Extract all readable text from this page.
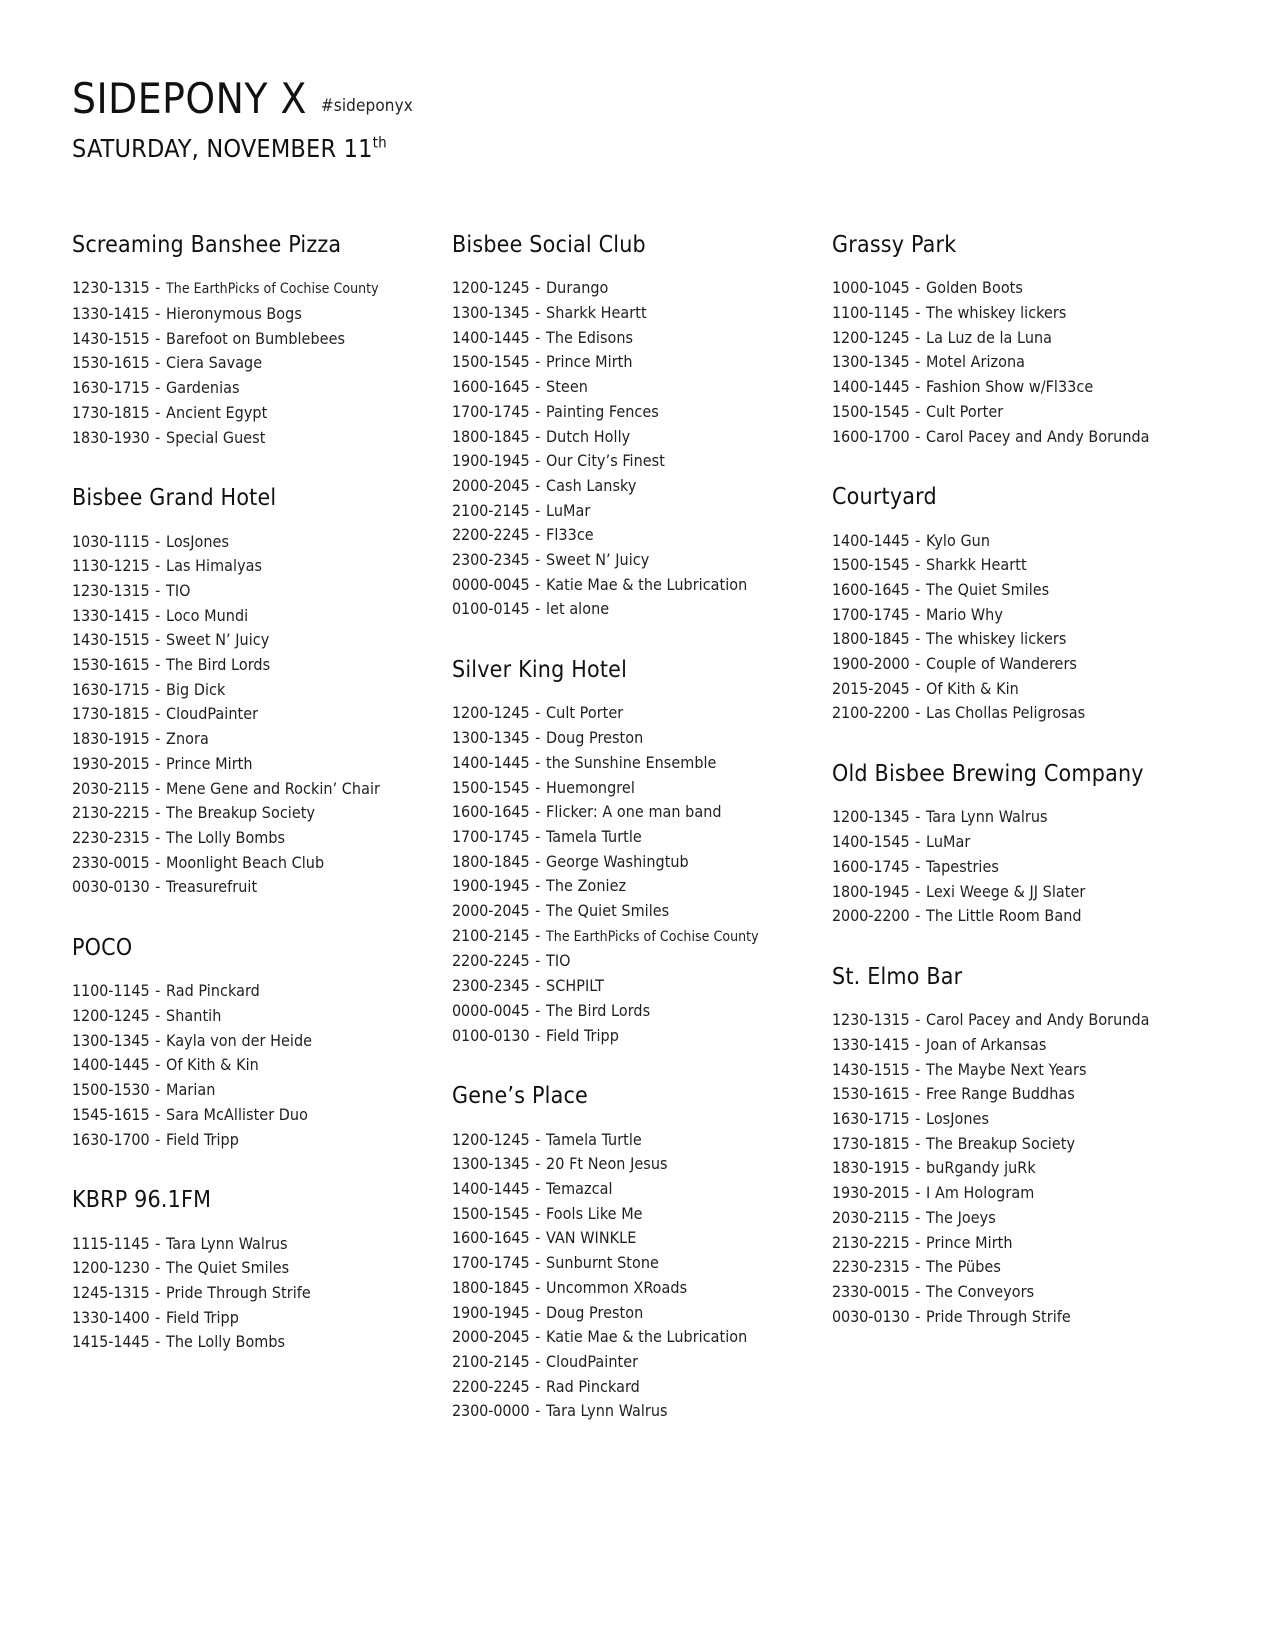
SIDEPONY X #sideponyx
SATURDAY, NOVEMBER 11th
Screaming Banshee Pizza
1230-1315 - The EarthPicks of Cochise County
1330-1415 - Hieronymous Bogs
1430-1515 - Barefoot on Bumblebees
1530-1615 - Ciera Savage
1630-1715 - Gardenias
1730-1815 - Ancient Egypt
1830-1930 - Special Guest
Bisbee Grand Hotel
1030-1115 - LosJones
1130-1215 - Las Himalyas
1230-1315 - TIO
1330-1415 - Loco Mundi
1430-1515 - Sweet N’ Juicy
1530-1615 - The Bird Lords
1630-1715 - Big Dick
1730-1815 - CloudPainter
1830-1915 - Znora
1930-2015 - Prince Mirth
2030-2115 - Mene Gene and Rockin’ Chair
2130-2215 - The Breakup Society
2230-2315 - The Lolly Bombs
2330-0015 - Moonlight Beach Club
0030-0130 - Treasurefruit
POCO
1100-1145 - Rad Pinckard
1200-1245 - Shantih
1300-1345 - Kayla von der Heide
1400-1445 - Of Kith & Kin
1500-1530 - Marian
1545-1615 - Sara McAllister Duo
1630-1700 - Field Tripp
KBRP 96.1FM
1115-1145 - Tara Lynn Walrus
1200-1230 - The Quiet Smiles
1245-1315 - Pride Through Strife
1330-1400 - Field Tripp
1415-1445 - The Lolly Bombs
Bisbee Social Club
1200-1245 - Durango
1300-1345 - Sharkk Heartt
1400-1445 - The Edisons
1500-1545 - Prince Mirth
1600-1645 - Steen
1700-1745 - Painting Fences
1800-1845 - Dutch Holly
1900-1945 - Our City’s Finest
2000-2045 - Cash Lansky
2100-2145 - LuMar
2200-2245 - Fl33ce
2300-2345 - Sweet N’ Juicy
0000-0045 - Katie Mae & the Lubrication
0100-0145 - let alone
Silver King Hotel
1200-1245 - Cult Porter
1300-1345 - Doug Preston
1400-1445 - the Sunshine Ensemble
1500-1545 - Huemongrel
1600-1645 - Flicker: A one man band
1700-1745 - Tamela Turtle
1800-1845 - George Washingtub
1900-1945 - The Zoniez
2000-2045 - The Quiet Smiles
2100-2145 - The EarthPicks of Cochise County
2200-2245 - TIO
2300-2345 - SCHPILT
0000-0045 - The Bird Lords
0100-0130 - Field Tripp
Gene’s Place
1200-1245 - Tamela Turtle
1300-1345 - 20 Ft Neon Jesus
1400-1445 - Temazcal
1500-1545 - Fools Like Me
1600-1645 - VAN WINKLE
1700-1745 - Sunburnt Stone
1800-1845 - Uncommon XRoads
1900-1945 - Doug Preston
2000-2045 - Katie Mae & the Lubrication
2100-2145 - CloudPainter
2200-2245 - Rad Pinckard
2300-0000 - Tara Lynn Walrus
Grassy Park
1000-1045 - Golden Boots
1100-1145 - The whiskey lickers
1200-1245 - La Luz de la Luna
1300-1345 - Motel Arizona
1400-1445 - Fashion Show w/Fl33ce
1500-1545 - Cult Porter
1600-1700 - Carol Pacey and Andy Borunda
Courtyard
1400-1445 - Kylo Gun
1500-1545 - Sharkk Heartt
1600-1645 - The Quiet Smiles
1700-1745 - Mario Why
1800-1845 - The whiskey lickers
1900-2000 - Couple of Wanderers
2015-2045 - Of Kith & Kin
2100-2200 - Las Chollas Peligrosas
Old Bisbee Brewing Company
1200-1345 - Tara Lynn Walrus
1400-1545 - LuMar
1600-1745 - Tapestries
1800-1945 - Lexi Weege & JJ Slater
2000-2200 - The Little Room Band
St. Elmo Bar
1230-1315 - Carol Pacey and Andy Borunda
1330-1415 - Joan of Arkansas
1430-1515 - The Maybe Next Years
1530-1615 - Free Range Buddhas
1630-1715 - LosJones
1730-1815 - The Breakup Society
1830-1915 - buRgandy juRk
1930-2015 - I Am Hologram
2030-2115 - The Joeys
2130-2215 - Prince Mirth
2230-2315 - The Pübes
2330-0015 - The Conveyors
0030-0130 - Pride Through Strife
